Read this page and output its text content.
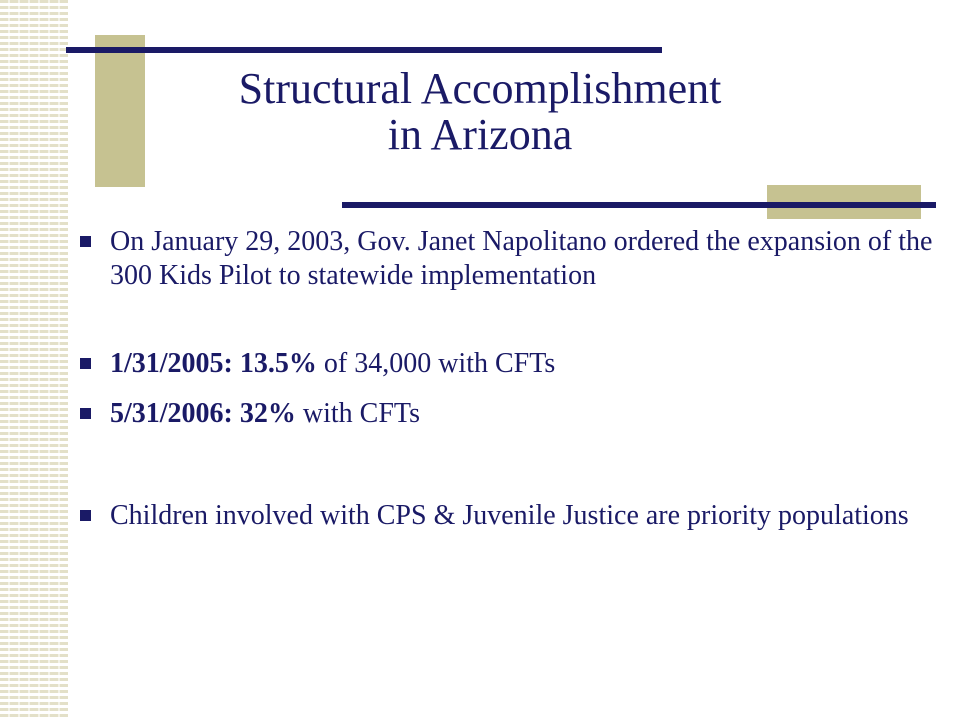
Structural Accomplishment
in Arizona
On January 29, 2003, Gov. Janet Napolitano ordered the expansion of the 300 Kids Pilot to statewide implementation
1/31/2005: 13.5% of 34,000 with CFTs
5/31/2006: 32% with CFTs
Children involved with CPS & Juvenile Justice are priority populations
